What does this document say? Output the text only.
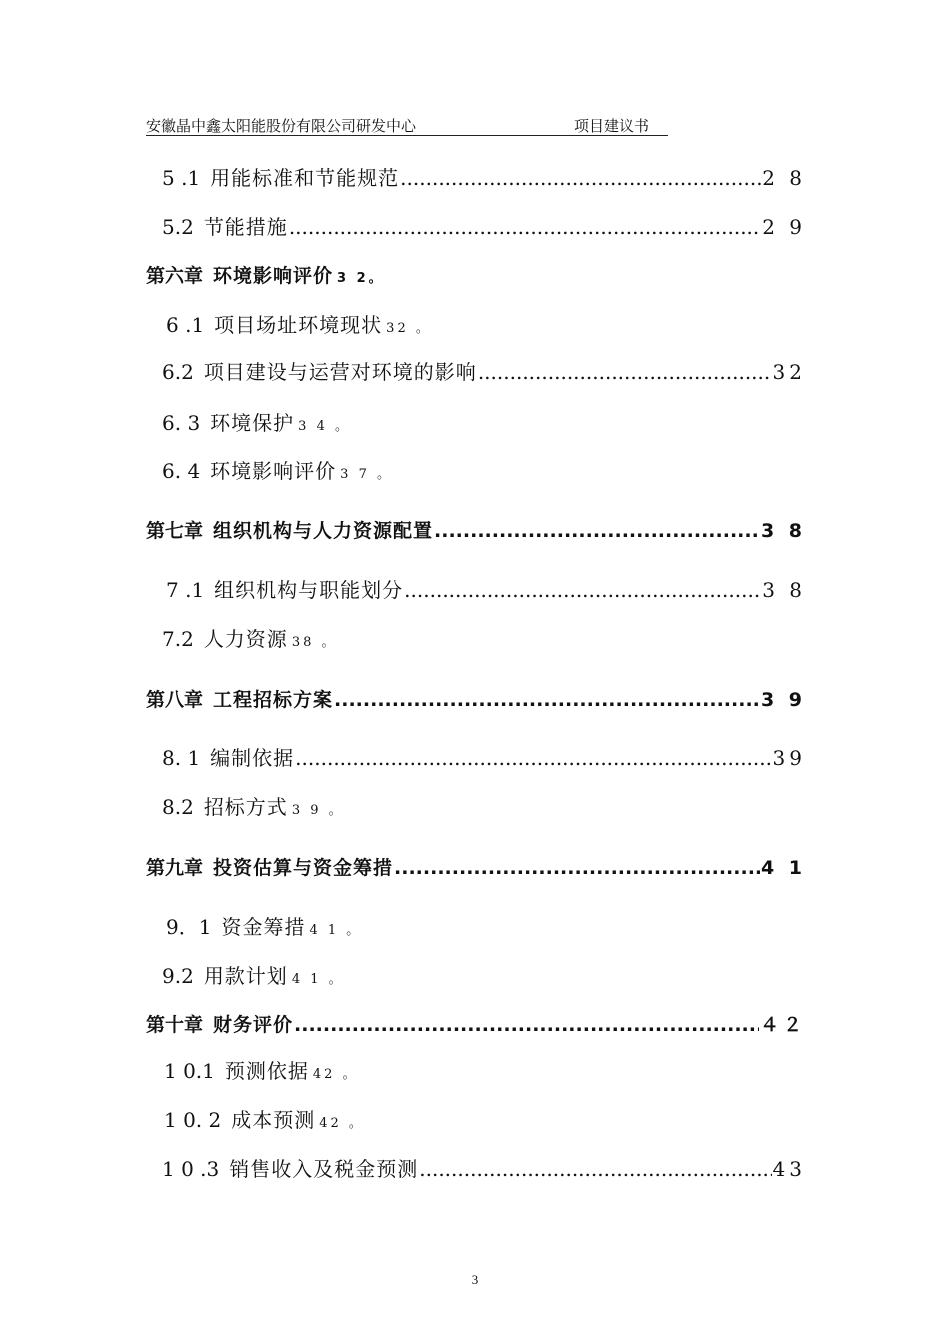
安徽晶中鑫太阳能股份有限公司研发中心	项目建议书
5 .1 用能标准和节能规范 .....	2 8
5.2 节能措施 .....	2 9
第六章 环境影响评价 3 2。
6 .1 项目场址环境现状 32 。
6.2 项目建设与运营对环境的影响 .....	32
6. 3 环境保护 3 4 。
6. 4 环境影响评价 3 7 。
第七章 组织机构与人力资源配置 .....	3 8
7 .1 组织机构与职能划分 .....	3 8
7.2 人力资源 38 。
第八章 工程招标方案 .....	3 9
8. 1 编制依据 .....	39
8.2 招标方式 3 9 。
第九章 投资估算与资金筹措 .....	4 1
9．1 资金筹措 4 1 。
9.2 用款计划 4 1 。
第十章 财务评价 .....	４２
1 0.1 预测依据 42 。
1 0. 2 成本预测 42 。
1 0 .3 销售收入及税金预测 .....	43
3
